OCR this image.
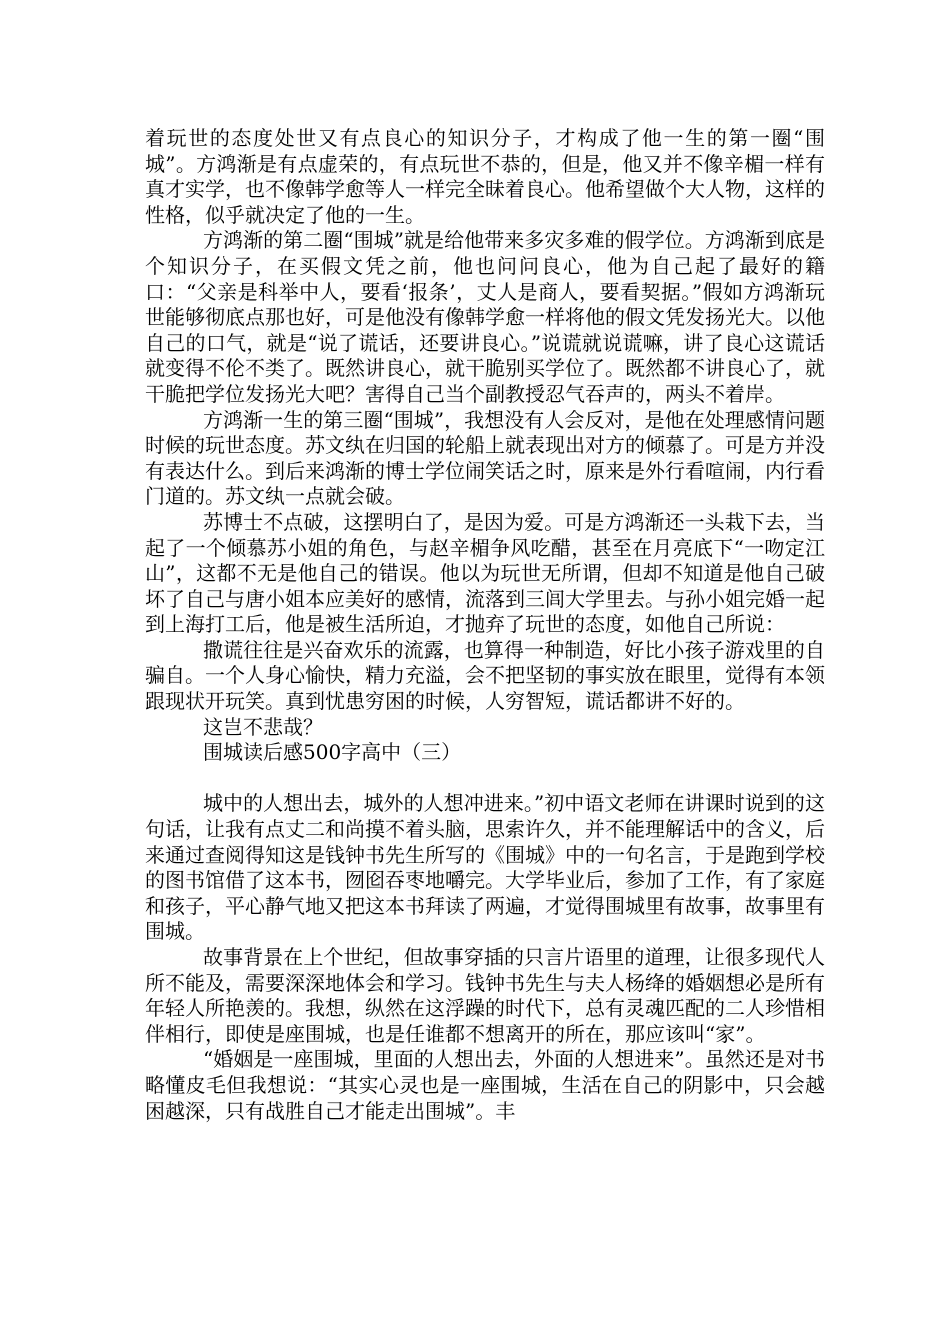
着玩世的态度处世又有点良心的知识分子，才构成了他一生的第一圈“围城”。方鸿渐是有点虚荣的，有点玩世不恭的，但是，他又并不像辛楣一样有真才实学，也不像韩学愈等人一样完全昧着良心。他希望做个大人物，这样的性格，似乎就决定了他的一生。

方鸿渐的第二圈“围城”就是给他带来多灾多难的假学位。方鸿渐到底是个知识分子，在买假文凭之前，他也问问良心，他为自己起了最好的籍口：“父亲是科举中人，要看‘报条’，丈人是商人，要看契据。”假如方鸿渐玩世能够彻底点那也好，可是他没有像韩学愈一样将他的假文凭发扬光大。以他自己的口气，就是“说了谎话，还要讲良心。”说谎就说谎嘛，讲了良心这谎话就变得不伦不类了。既然讲良心，就干脆别买学位了。既然都不讲良心了，就干脆把学位发扬光大吧？害得自己当个副教授忍气吞声的，两头不着岸。

方鸿渐一生的第三圈“围城”，我想没有人会反对，是他在处理感情问题时候的玩世态度。苏文纨在归国的轮船上就表现出对方的倾慕了。可是方并没有表达什么。到后来鸿渐的博士学位闹笑话之时，原来是外行看喧闹，内行看门道的。苏文纨一点就会破。

苏博士不点破，这摆明白了，是因为爱。可是方鸿渐还一头栽下去，当起了一个倾慕苏小姐的角色，与赵辛楣争风吃醋，甚至在月亮底下“一吻定江山”，这都不无是他自己的错误。他以为玩世无所谓，但却不知道是他自己破坏了自己与唐小姐本应美好的感情，流落到三闾大学里去。与孙小姐完婚一起到上海打工后，他是被生活所迫，才抛弃了玩世的态度，如他自己所说：

撒谎往往是兴奋欢乐的流露，也算得一种制造，好比小孩子游戏里的自骗自。一个人身心愉快，精力充溢，会不把坚韧的事实放在眼里，觉得有本领跟现状开玩笑。真到忧患穷困的时候，人穷智短，谎话都讲不好的。

这岂不悲哉？

围城读后感500字高中（三）

城中的人想出去，城外的人想冲进来。”初中语文老师在讲课时说到的这句话，让我有点丈二和尚摸不着头脑，思索许久，并不能理解话中的含义，后来通过查阅得知这是钱钟书先生所写的《围城》中的一句名言，于是跑到学校的图书馆借了这本书，囫囵吞枣地嚼完。大学毕业后，参加了工作，有了家庭和孩子，平心静气地又把这本书拜读了两遍，才觉得围城里有故事，故事里有围城。

故事背景在上个世纪，但故事穿插的只言片语里的道理，让很多现代人所不能及，需要深深地体会和学习。钱钟书先生与夫人杨绛的婚姻想必是所有年轻人所艳羡的。我想，纵然在这浮躁的时代下，总有灵魂匹配的二人珍惜相伴相行，即使是座围城，也是任谁都不想离开的所在，那应该叫“家”。

“婚姻是一座围城，里面的人想出去，外面的人想进来”。虽然还是对书略懂皮毛但我想说：“其实心灵也是一座围城，生活在自己的阴影中，只会越困越深，只有战胜自己才能走出围城”。丰
